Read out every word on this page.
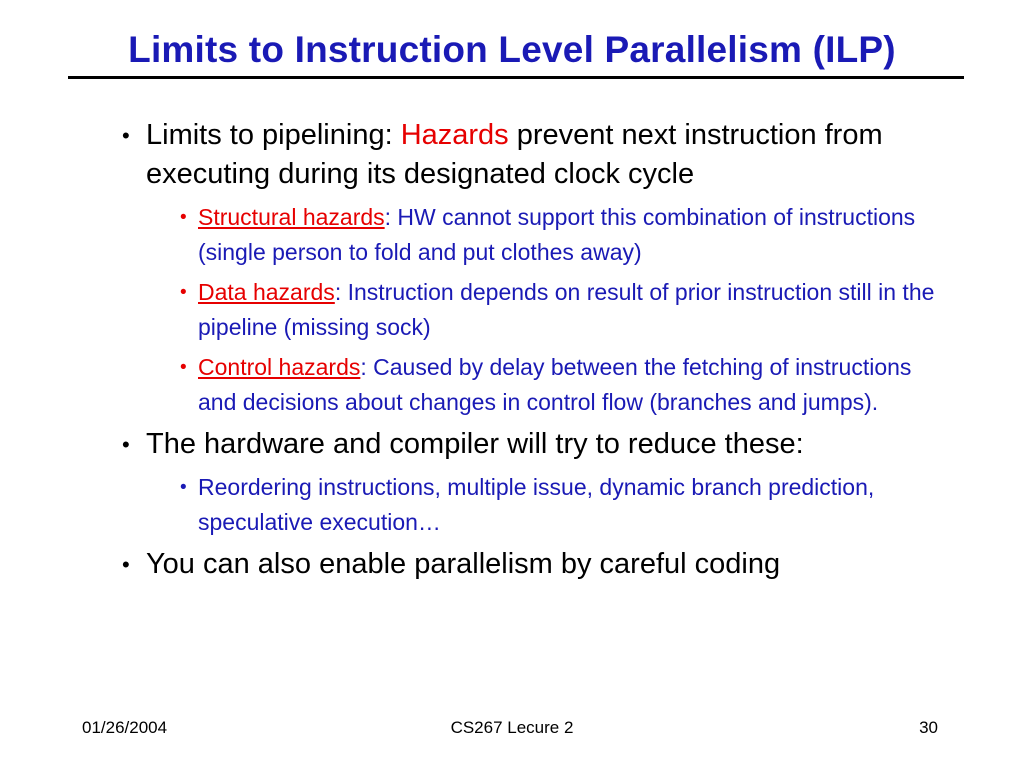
Limits to Instruction Level Parallelism (ILP)
• Limits to pipelining: Hazards prevent next instruction from executing during its designated clock cycle
• Structural hazards: HW cannot support this combination of instructions (single person to fold and put clothes away)
• Data hazards: Instruction depends on result of prior instruction still in the pipeline (missing sock)
• Control hazards: Caused by delay between the fetching of instructions and decisions about changes in control flow (branches and jumps).
• The hardware and compiler will try to reduce these:
• Reordering instructions, multiple issue, dynamic branch prediction, speculative execution…
• You can also enable parallelism by careful coding
CS267 Lecure 2
01/26/2004	30
